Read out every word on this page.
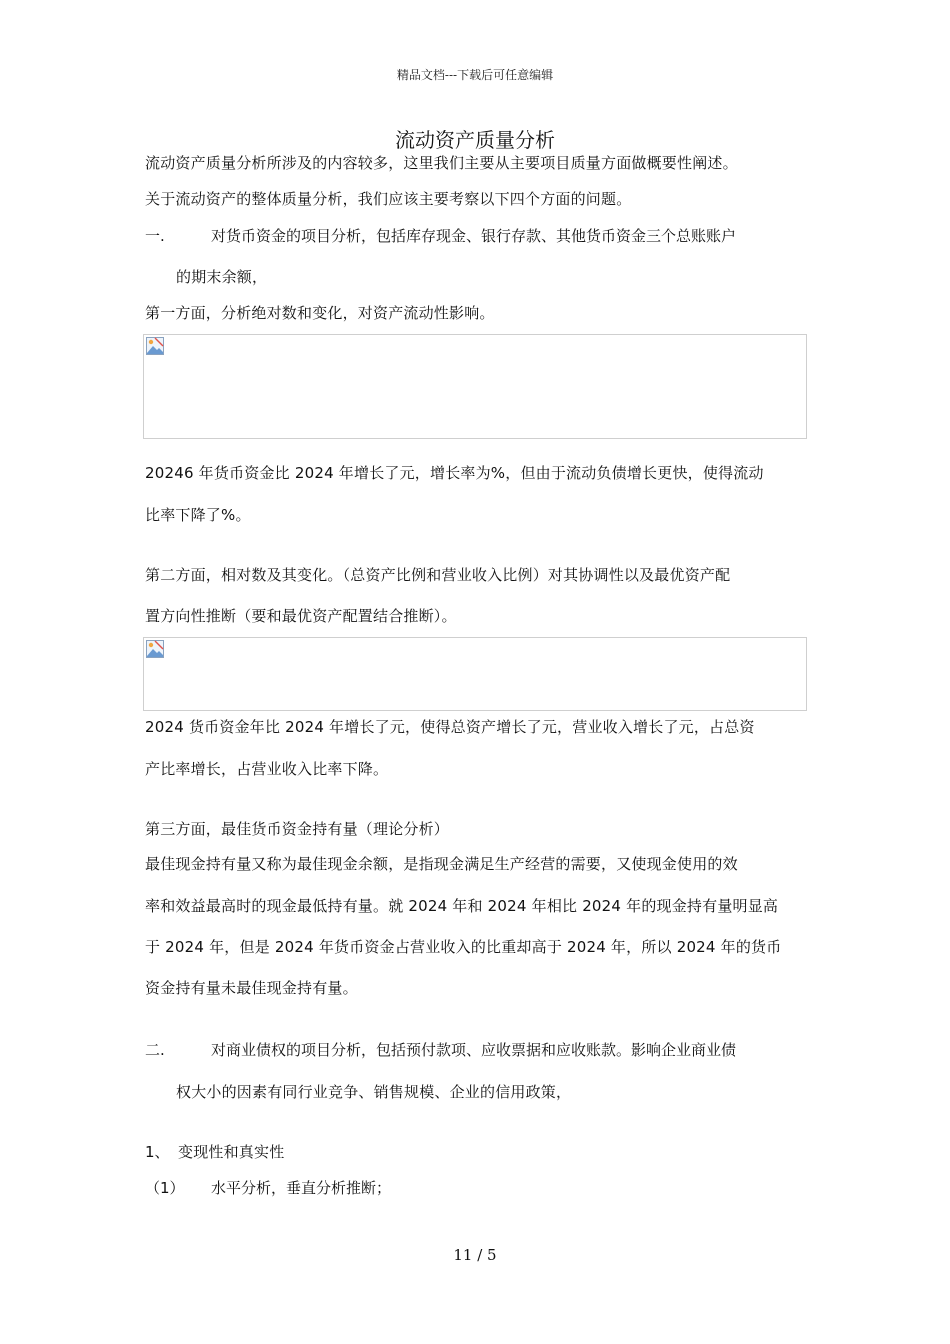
精品文档---下载后可任意编辑
流动资产质量分析
流动资产质量分析所涉及的内容较多，这里我们主要从主要项目质量方面做概要性阐述。
关于流动资产的整体质量分析，我们应该主要考察以下四个方面的问题。
一.	对货币资金的项目分析，包括库存现金、银行存款、其他货币资金三个总账账户
的期末余额，
第一方面，分析绝对数和变化，对资产流动性影响。
20246 年货币资金比 2024 年增长了元，增长率为%，但由于流动负债增长更快，使得流动
比率下降了%。
第二方面，相对数及其变化。（总资产比例和营业收入比例）对其协调性以及最优资产配
置方向性推断（要和最优资产配置结合推断）。
2024 货币资金年比 2024 年增长了元，使得总资产增长了元，营业收入增长了元，占总资
产比率增长，占营业收入比率下降。
第三方面，最佳货币资金持有量（理论分析）
最佳现金持有量又称为最佳现金余额，是指现金满足生产经营的需要，又使现金使用的效
率和效益最高时的现金最低持有量。就 2024 年和 2024 年相比 2024 年的现金持有量明显高
于 2024 年，但是 2024 年货币资金占营业收入的比重却高于 2024 年，所以 2024 年的货币
资金持有量未最佳现金持有量。
二.	对商业债权的项目分析，包括预付款项、应收票据和应收账款。影响企业商业债
权大小的因素有同行业竞争、销售规模、企业的信用政策，
1、 变现性和真实性
（1） 水平分析，垂直分析推断；
11 / 5
